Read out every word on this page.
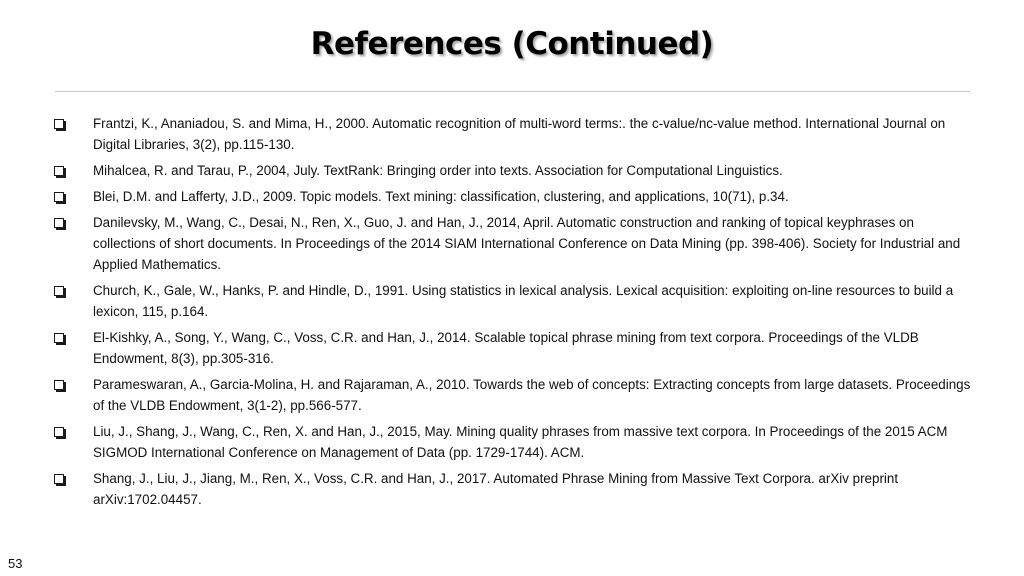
References (Continued)
Frantzi, K., Ananiadou, S. and Mima, H., 2000. Automatic recognition of multi-word terms:. the c-value/nc-value method. International Journal on Digital Libraries, 3(2), pp.115-130.
Mihalcea, R. and Tarau, P., 2004, July. TextRank: Bringing order into texts. Association for Computational Linguistics.
Blei, D.M. and Lafferty, J.D., 2009. Topic models. Text mining: classification, clustering, and applications, 10(71), p.34.
Danilevsky, M., Wang, C., Desai, N., Ren, X., Guo, J. and Han, J., 2014, April. Automatic construction and ranking of topical keyphrases on collections of short documents. In Proceedings of the 2014 SIAM International Conference on Data Mining (pp. 398-406). Society for Industrial and Applied Mathematics.
Church, K., Gale, W., Hanks, P. and Hindle, D., 1991. Using statistics in lexical analysis. Lexical acquisition: exploiting on-line resources to build a lexicon, 115, p.164.
El-Kishky, A., Song, Y., Wang, C., Voss, C.R. and Han, J., 2014. Scalable topical phrase mining from text corpora. Proceedings of the VLDB Endowment, 8(3), pp.305-316.
Parameswaran, A., Garcia-Molina, H. and Rajaraman, A., 2010. Towards the web of concepts: Extracting concepts from large datasets. Proceedings of the VLDB Endowment, 3(1-2), pp.566-577.
Liu, J., Shang, J., Wang, C., Ren, X. and Han, J., 2015, May. Mining quality phrases from massive text corpora. In Proceedings of the 2015 ACM SIGMOD International Conference on Management of Data (pp. 1729-1744). ACM.
Shang, J., Liu, J., Jiang, M., Ren, X., Voss, C.R. and Han, J., 2017. Automated Phrase Mining from Massive Text Corpora. arXiv preprint arXiv:1702.04457.
53
